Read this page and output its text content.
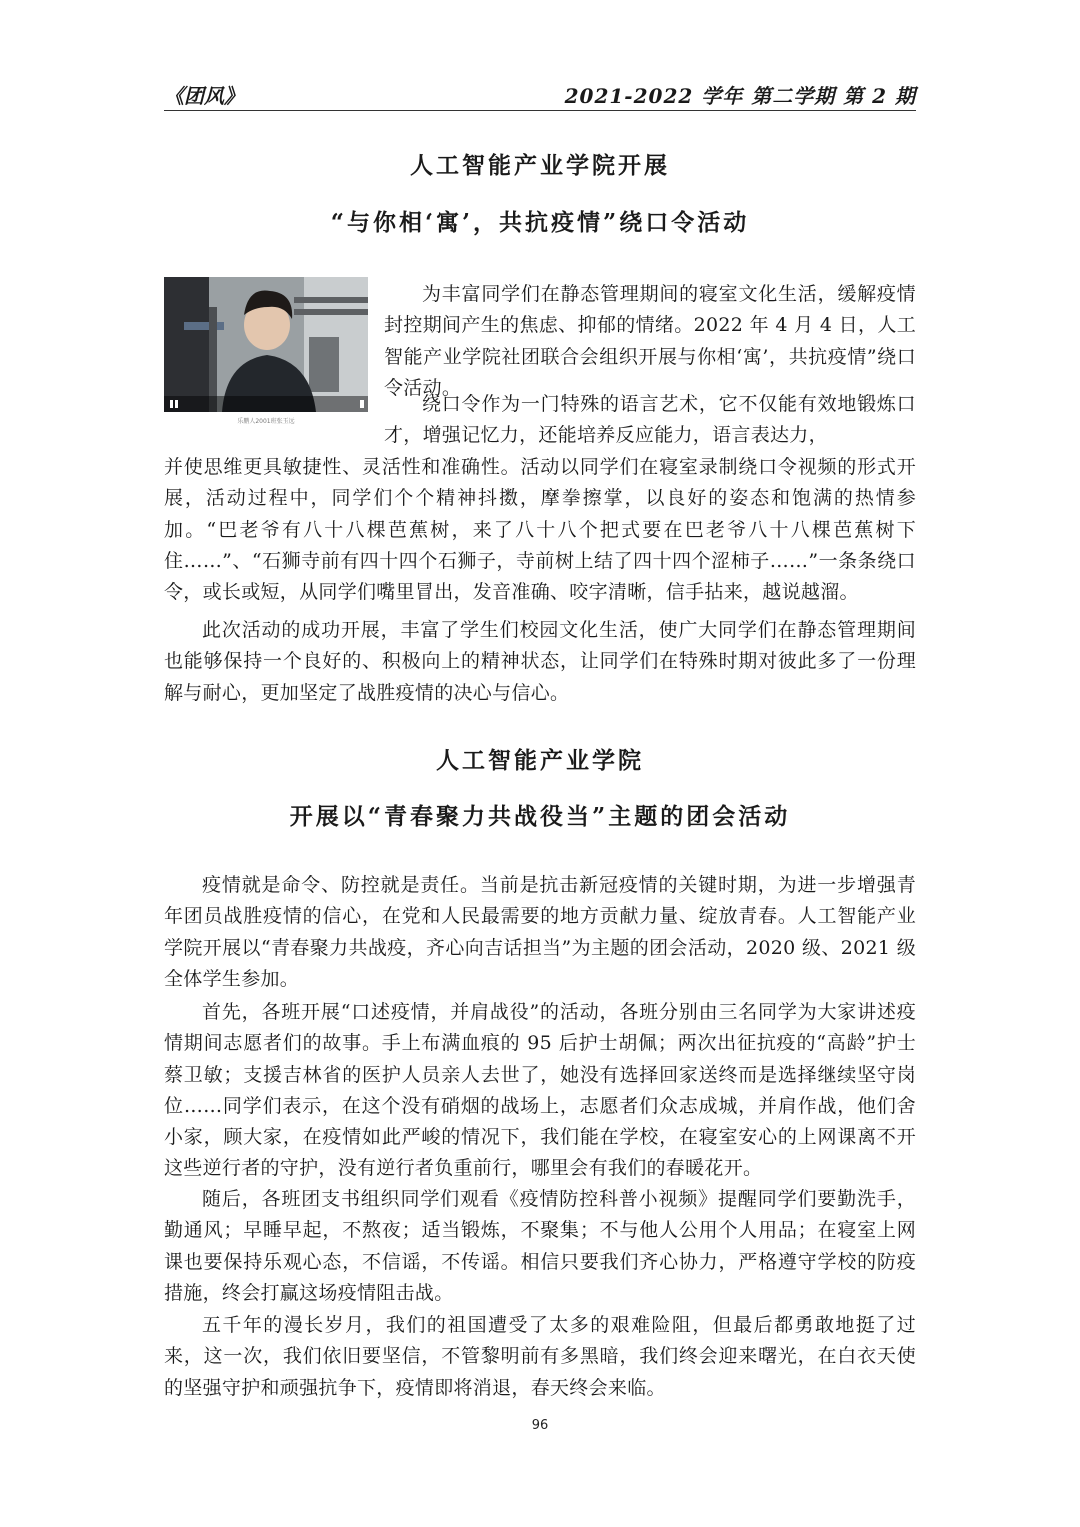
《团风》	2021-2022 学年 第二学期 第 2 期
人工智能产业学院开展
“与你相‘寓’，共抗疫情”绕口令活动
乐鹏人2001班张玉远

为丰富同学们在静态管理期间的寝室文化生活，缓解疫情封控期间产生的焦虑、抑郁的情绪。2022 年 4 月 4 日，人工智能产业学院社团联合会组织开展与你相‘寓’，共抗疫情”绕口令活动。

绕口令作为一门特殊的语言艺术，它不仅能有效地锻炼口才，增强记忆力，还能培养反应能力，语言表达力，

并使思维更具敏捷性、灵活性和准确性。活动以同学们在寝室录制绕口令视频的形式开展，活动过程中，同学们个个精神抖擞，摩拳擦掌，以良好的姿态和饱满的热情参加。“巴老爷有八十八棵芭蕉树，来了八十八个把式要在巴老爷八十八棵芭蕉树下住……”、“石狮寺前有四十四个石狮子，寺前树上结了四十四个涩柿子……”一条条绕口令，或长或短，从同学们嘴里冒出，发音准确、咬字清晰，信手拈来，越说越溜。

此次活动的成功开展，丰富了学生们校园文化生活，使广大同学们在静态管理期间也能够保持一个良好的、积极向上的精神状态，让同学们在特殊时期对彼此多了一份理解与耐心，更加坚定了战胜疫情的决心与信心。

人工智能产业学院
开展以“青春聚力共战役当”主题的团会活动

疫情就是命令、防控就是责任。当前是抗击新冠疫情的关键时期，为进一步增强青年团员战胜疫情的信心，在党和人民最需要的地方贡献力量、绽放青春。人工智能产业学院开展以“青春聚力共战疫，齐心向吉话担当”为主题的团会活动，2020 级、2021 级全体学生参加。

首先，各班开展“口述疫情，并肩战役”的活动，各班分别由三名同学为大家讲述疫情期间志愿者们的故事。手上布满血痕的 95 后护士胡佩；两次出征抗疫的“高龄”护士蔡卫敏；支援吉林省的医护人员亲人去世了，她没有选择回家送终而是选择继续坚守岗位……同学们表示，在这个没有硝烟的战场上，志愿者们众志成城，并肩作战，他们舍小家，顾大家，在疫情如此严峻的情况下，我们能在学校，在寝室安心的上网课离不开这些逆行者的守护，没有逆行者负重前行，哪里会有我们的春暖花开。

随后，各班团支书组织同学们观看《疫情防控科普小视频》提醒同学们要勤洗手，勤通风；早睡早起，不熬夜；适当锻炼，不聚集；不与他人公用个人用品；在寝室上网课也要保持乐观心态，不信谣，不传谣。相信只要我们齐心协力，严格遵守学校的防疫措施，终会打赢这场疫情阻击战。

五千年的漫长岁月，我们的祖国遭受了太多的艰难险阻，但最后都勇敢地挺了过来，这一次，我们依旧要坚信，不管黎明前有多黑暗，我们终会迎来曙光，在白衣天使的坚强守护和顽强抗争下，疫情即将消退，春天终会来临。

96
